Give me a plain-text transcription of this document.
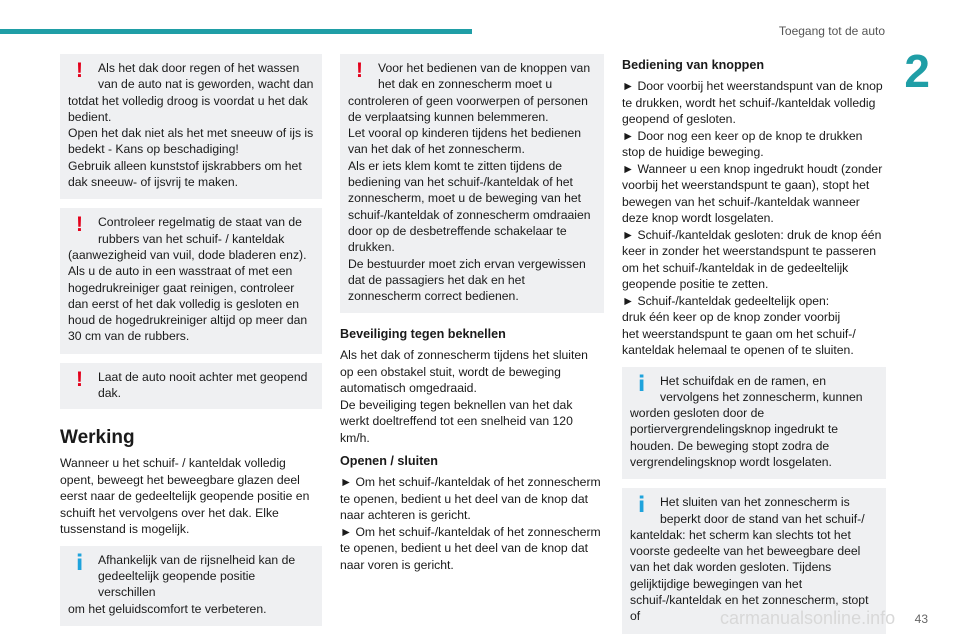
Toegang tot de auto
2

! Als het dak door regen of het wassen van de auto nat is geworden, wacht dan

totdat het volledig droog is voordat u het dak bedient.
Open het dak niet als het met sneeuw of ijs is bedekt - Kans op beschadiging!
Gebruik alleen kunststof ijskrabbers om het dak sneeuw- of ijsvrij te maken.

! Controleer regelmatig de staat van de rubbers van het schuif- / kanteldak

(aanwezigheid van vuil, dode bladeren enz).
Als u de auto in een wasstraat of met een hogedrukreiniger gaat reinigen, controleer dan eerst of het dak volledig is gesloten en houd de hogedrukreiniger altijd op meer dan 30 cm van de rubbers.

! Laat de auto nooit achter met geopend dak.

Werking

Wanneer u het schuif- / kanteldak volledig opent, beweegt het beweegbare glazen deel eerst naar de gedeeltelijk geopende positie en schuift het vervolgens over het dak. Elke tussenstand is mogelijk.

i Afhankelijk van de rijsnelheid kan de gedeeltelijk geopende positie verschillen

om het geluidscomfort te verbeteren.

! Voor het bedienen van de knoppen van het dak en zonnescherm moet u

controleren of geen voorwerpen of personen de verplaatsing kunnen belemmeren.
Let vooral op kinderen tijdens het bedienen van het dak of het zonnescherm.
Als er iets klem komt te zitten tijdens de bediening van het schuif-/kanteldak of het zonnescherm, moet u de beweging van het schuif-/kanteldak of zonnescherm omdraaien door op de desbetreffende schakelaar te drukken.
De bestuurder moet zich ervan vergewissen dat de passagiers het dak en het zonnescherm correct bedienen.

Beveiliging tegen beknellen

Als het dak of zonnescherm tijdens het sluiten op een obstakel stuit, wordt de beweging automatisch omgedraaid.
De beveiliging tegen beknellen van het dak werkt doeltreffend tot een snelheid van 120 km/h.

Openen / sluiten

► Om het schuif-/kanteldak of het zonnescherm te openen, bedient u het deel van de knop dat naar achteren is gericht.
► Om het schuif-/kanteldak of het zonnescherm te openen, bedient u het deel van de knop dat naar voren is gericht.

Bediening van knoppen

► Door voorbij het weerstandspunt van de knop te drukken, wordt het schuif-/kanteldak volledig geopend of gesloten.
► Door nog een keer op de knop te drukken stop de huidige beweging.
► Wanneer u een knop ingedrukt houdt (zonder voorbij het weerstandspunt te gaan), stopt het bewegen van het schuif-/kanteldak wanneer deze knop wordt losgelaten.
► Schuif-/kanteldak gesloten: druk de knop één keer in zonder het weerstandspunt te passeren om het schuif-/kanteldak in de gedeeltelijk geopende positie te zetten.
► Schuif-/kanteldak gedeeltelijk open:
druk één keer op de knop zonder voorbij
het weerstandspunt te gaan om het schuif-/
kanteldak helemaal te openen of te sluiten.

i Het schuifdak en de ramen, en vervolgens het zonnescherm, kunnen

worden gesloten door de portiervergrendelingsknop ingedrukt te houden. De beweging stopt zodra de vergrendelingsknop wordt losgelaten.

i Het sluiten van het zonnescherm is beperkt door de stand van het schuif-/

kanteldak: het scherm kan slechts tot het voorste gedeelte van het beweegbare deel van het dak worden gesloten. Tijdens gelijktijdige bewegingen van het schuif-/kanteldak en het zonnescherm, stopt of	carmanualsonline.info 43
